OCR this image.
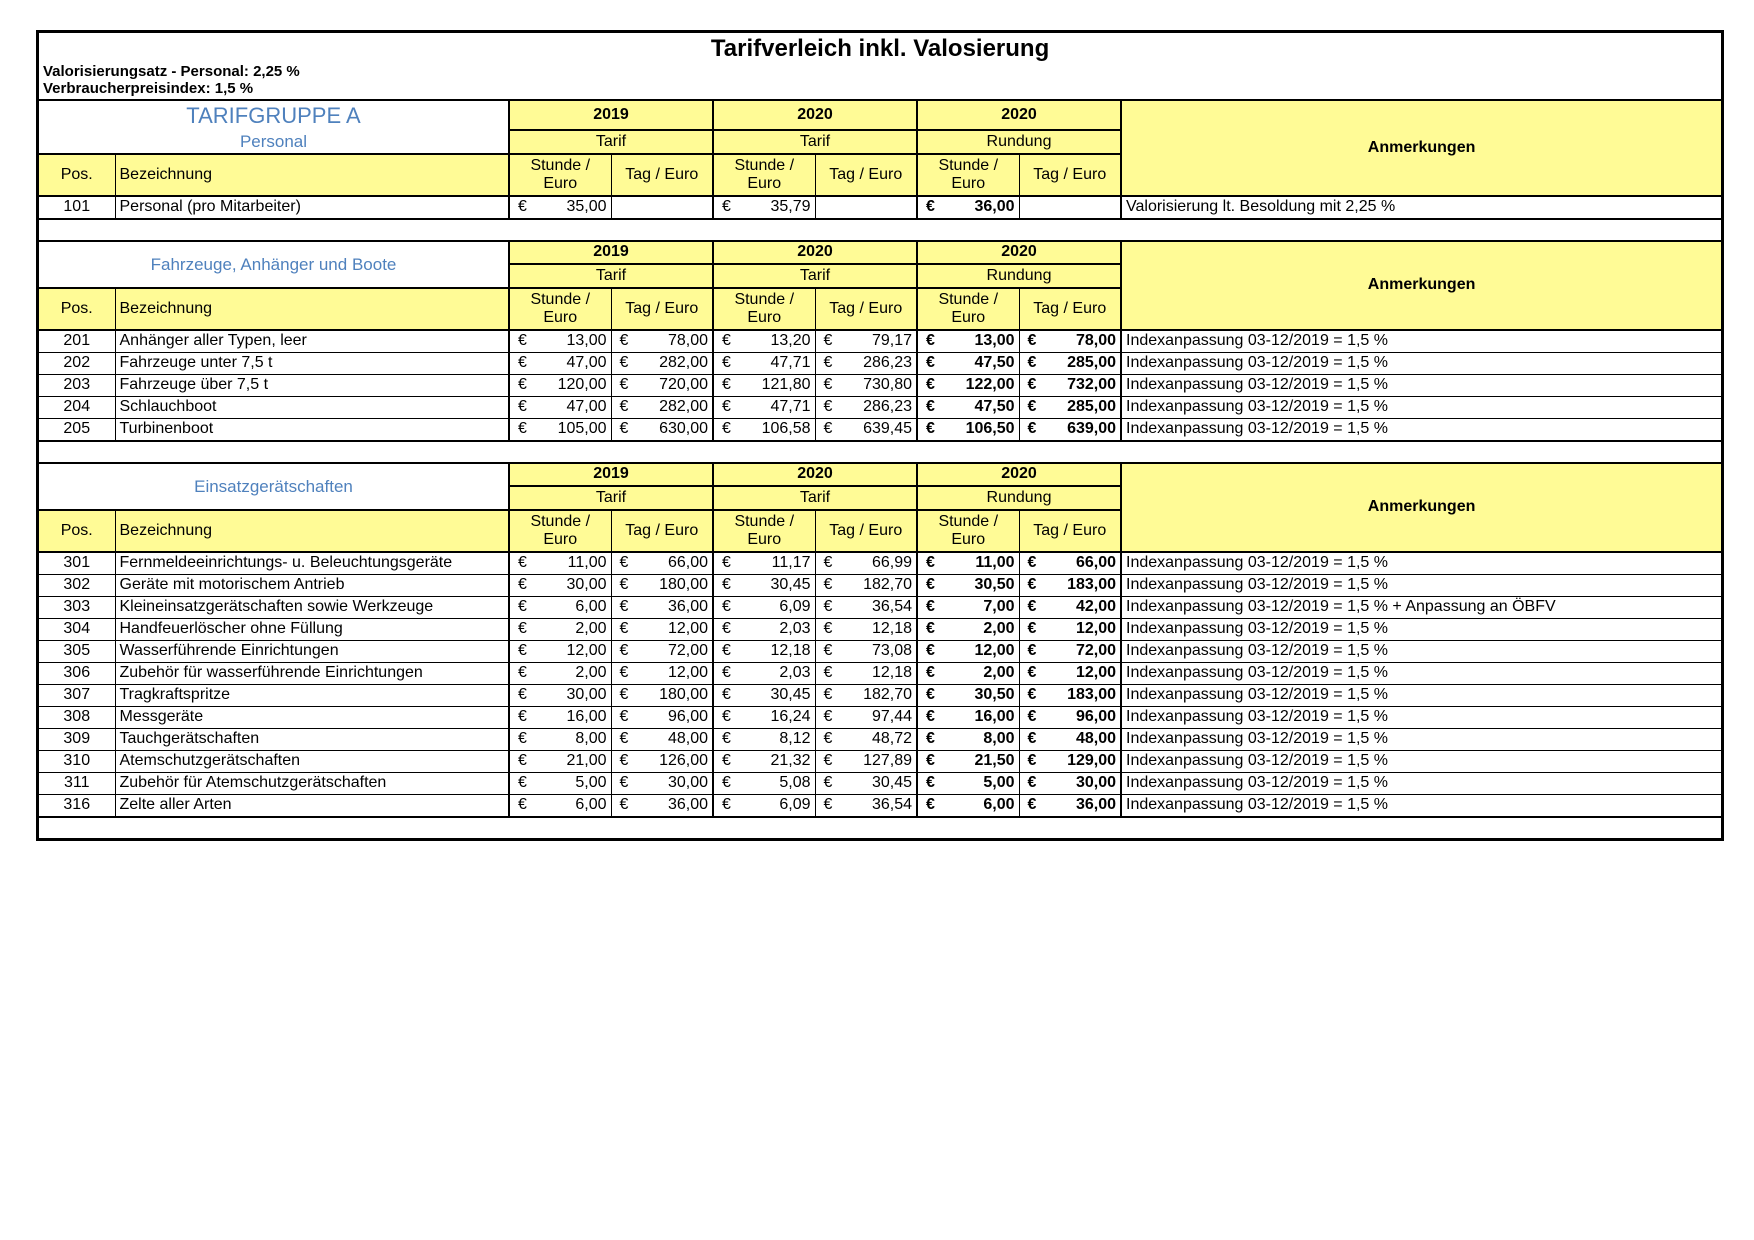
Tarifverleich inkl. Valosierung														
Valorisierungsatz - Personal: 2,25 %														
Verbraucherpreisindex: 1,5 %														
TARIFGRUPPE A		2019				2020				2020				Anmerkungen
Personal		Tarif				Tarif				Rundung				
Pos.	Bezeichnung	Stunde / Euro		Tag / Euro		Stunde / Euro		Tag / Euro		Stunde / Euro		Tag / Euro		
101	Personal (pro Mitarbeiter)	€	35,00			€	35,79			€	36,00			Valorisierung lt. Besoldung mit 2,25 %

Fahrzeuge, Anhänger und Boote		2019				2020				2020				Anmerkungen
		Tarif				Tarif				Rundung				
Pos.	Bezeichnung	Stunde / Euro		Tag / Euro		Stunde / Euro		Tag / Euro		Stunde / Euro		Tag / Euro		
201	Anhänger aller Typen, leer	€	13,00	€	78,00	€	13,20	€	79,17	€	13,00	€	78,00	Indexanpassung 03-12/2019 = 1,5 %
202	Fahrzeuge unter 7,5 t	€	47,00	€	282,00	€	47,71	€	286,23	€	47,50	€	285,00	Indexanpassung 03-12/2019 = 1,5 %
203	Fahrzeuge über 7,5 t	€	120,00	€	720,00	€	121,80	€	730,80	€	122,00	€	732,00	Indexanpassung 03-12/2019 = 1,5 %
204	Schlauchboot	€	47,00	€	282,00	€	47,71	€	286,23	€	47,50	€	285,00	Indexanpassung 03-12/2019 = 1,5 %
205	Turbinenboot	€	105,00	€	630,00	€	106,58	€	639,45	€	106,50	€	639,00	Indexanpassung 03-12/2019 = 1,5 %

Einsatzgerätschaften		2019				2020				2020				Anmerkungen
		Tarif				Tarif				Rundung				
Pos.	Bezeichnung	Stunde / Euro		Tag / Euro		Stunde / Euro		Tag / Euro		Stunde / Euro		Tag / Euro		
301	Fernmeldeeinrichtungs- u. Beleuchtungsgeräte	€	11,00	€	66,00	€	11,17	€	66,99	€	11,00	€	66,00	Indexanpassung 03-12/2019 = 1,5 %
302	Geräte mit motorischem Antrieb	€	30,00	€	180,00	€	30,45	€	182,70	€	30,50	€	183,00	Indexanpassung 03-12/2019 = 1,5 %
303	Kleineinsatzgerätschaften sowie Werkzeuge	€	6,00	€	36,00	€	6,09	€	36,54	€	7,00	€	42,00	Indexanpassung 03-12/2019 = 1,5 % + Anpassung an ÖBFV
304	Handfeuerlöscher ohne Füllung	€	2,00	€	12,00	€	2,03	€	12,18	€	2,00	€	12,00	Indexanpassung 03-12/2019 = 1,5 %
305	Wasserführende Einrichtungen	€	12,00	€	72,00	€	12,18	€	73,08	€	12,00	€	72,00	Indexanpassung 03-12/2019 = 1,5 %
306	Zubehör für wasserführende Einrichtungen	€	2,00	€	12,00	€	2,03	€	12,18	€	2,00	€	12,00	Indexanpassung 03-12/2019 = 1,5 %
307	Tragkraftspritze	€	30,00	€	180,00	€	30,45	€	182,70	€	30,50	€	183,00	Indexanpassung 03-12/2019 = 1,5 %
308	Messgeräte	€	16,00	€	96,00	€	16,24	€	97,44	€	16,00	€	96,00	Indexanpassung 03-12/2019 = 1,5 %
309	Tauchgerätschaften	€	8,00	€	48,00	€	8,12	€	48,72	€	8,00	€	48,00	Indexanpassung 03-12/2019 = 1,5 %
310	Atemschutzgerätschaften	€	21,00	€	126,00	€	21,32	€	127,89	€	21,50	€	129,00	Indexanpassung 03-12/2019 = 1,5 %
311	Zubehör für Atemschutzgerätschaften	€	5,00	€	30,00	€	5,08	€	30,45	€	5,00	€	30,00	Indexanpassung 03-12/2019 = 1,5 %
316	Zelte aller Arten	€	6,00	€	36,00	€	6,09	€	36,54	€	6,00	€	36,00	Indexanpassung 03-12/2019 = 1,5 %
